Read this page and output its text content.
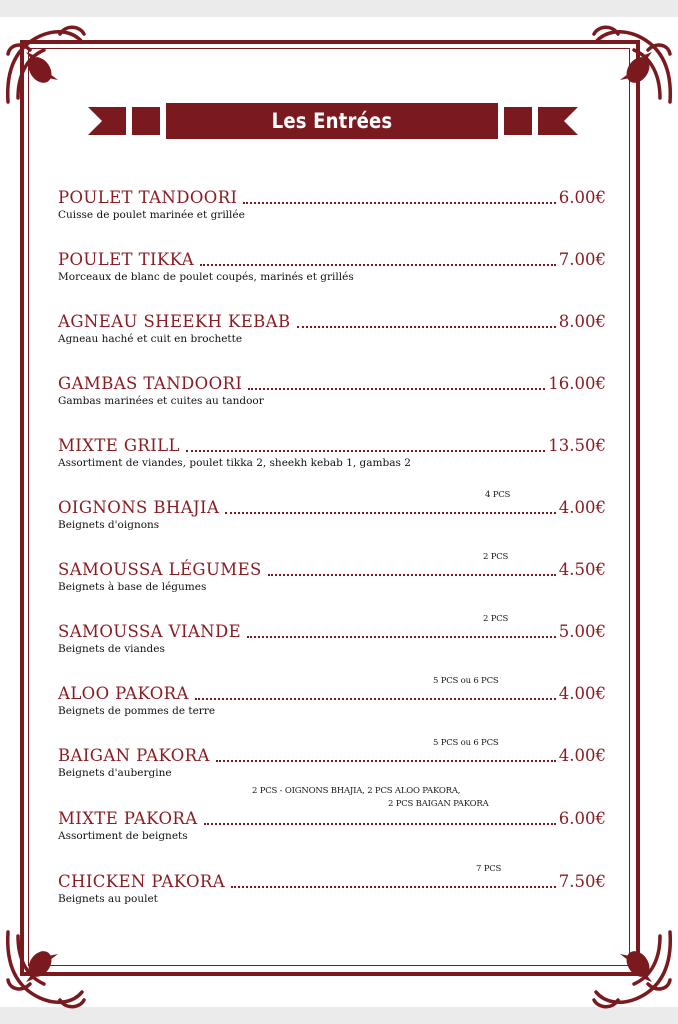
Les Entrées
POULET TANDOORI	6.00€
Cuisse de poulet marinée et grillée
POULET TIKKA	7.00€
Morceaux de blanc de poulet coupés, marinés et grillés
AGNEAU SHEEKH KEBAB	8.00€
Agneau haché et cuit en brochette
GAMBAS TANDOORI	16.00€
Gambas marinées et cuites au tandoor
MIXTE GRILL	13.50€
Assortiment de viandes, poulet tikka 2, sheekh kebab 1, gambas 2
OIGNONS BHAJIA	4.00€
4 PCS
Beignets d'oignons
SAMOUSSA LÉGUMES	4.50€
2 PCS
Beignets à base de légumes
SAMOUSSA VIANDE	5.00€
2 PCS
Beignets de viandes
ALOO PAKORA	4.00€
5 PCS ou 6 PCS
Beignets de pommes de terre
BAIGAN PAKORA	4.00€
5 PCS ou 6 PCS
Beignets d'aubergine
MIXTE PAKORA	6.00€
2 PCS - OIGNONS BHAJIA, 2 PCS ALOO PAKORA,
2 PCS BAIGAN PAKORA
Assortiment de beignets
CHICKEN PAKORA	7.50€
7 PCS
Beignets au poulet
